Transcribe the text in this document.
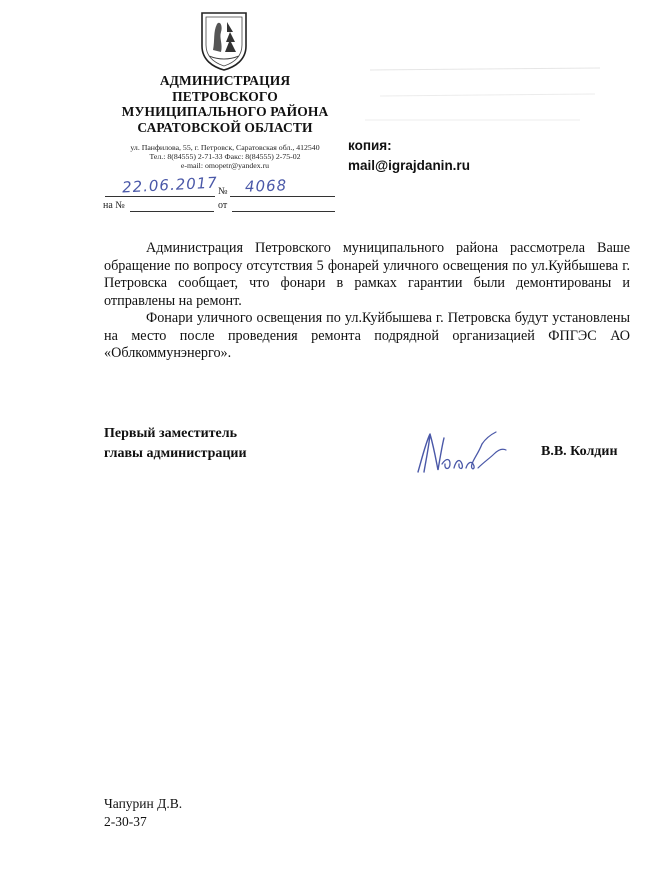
АДМИНИСТРАЦИЯ
ПЕТРОВСКОГО
МУНИЦИПАЛЬНОГО РАЙОНА
САРАТОВСКОЙ ОБЛАСТИ
ул. Панфилова, 55, г. Петровск, Саратовская обл., 412540
Тел.: 8(84555) 2-71-33 Факс: 8(84555) 2-75-02
e-mail: omopetr@yandex.ru
22.06.2017 № 4068
на №	от
копия:
mail@igrajdanin.ru

Администрация Петровского муниципального района рассмотрела Ваше обращение по вопросу отсутствия 5 фонарей уличного освещения по ул.Куйбышева г. Петровска сообщает, что фонари в рамках гарантии были демонтированы и отправлены на ремонт.

Фонари уличного освещения по ул.Куйбышева г. Петровска будут установлены на место после проведения ремонта подрядной организацией ФПГЭС АО «Облкоммунэнерго».

Первый заместитель
главы администрации	В.В. Колдин
Чапурин Д.В.
2-30-37
